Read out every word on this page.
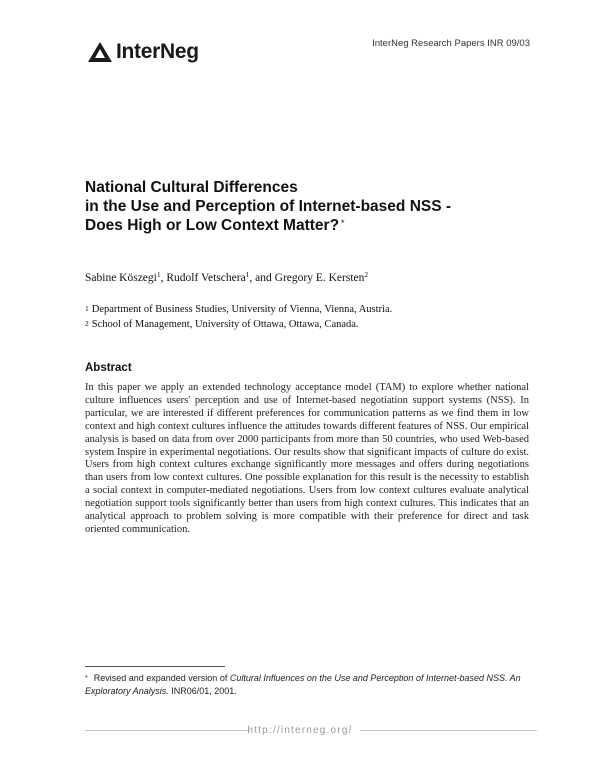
InterNeg	InterNeg Research Papers INR 09/03
National Cultural Differences
in the Use and Perception of Internet-based NSS -
Does High or Low Context Matter? *
Sabine Köszegi$^1$, Rudolf Vetschera$^1$, and Gregory E. Kersten$^2$
$^1$ Department of Business Studies, University of Vienna, Vienna, Austria.
$^2$ School of Management, University of Ottawa, Ottawa, Canada.
Abstract
In this paper we apply an extended technology acceptance model (TAM) to explore whether national culture influences users' perception and use of Internet-based negotiation support systems (NSS). In particular, we are interested if different preferences for communication patterns as we find them in low context and high context cultures influence the attitudes towards different features of NSS. Our empirical analysis is based on data from over 2000 participants from more than 50 countries, who used Web-based system Inspire in experimental negotiations. Our results show that significant impacts of culture do exist. Users from high context cultures exchange significantly more messages and offers during negotiations than users from low context cultures. One possible explanation for this result is the necessity to establish a social context in computer-mediated negotiations. Users from low context cultures evaluate analytical negotiation support tools significantly better than users from high context cultures. This indicates that an analytical approach to problem solving is more compatible with their preference for direct and task oriented communication.
* Revised and expanded version of Cultural Influences on the Use and Perception of Internet-based NSS. An Exploratory Analysis. INR06/01, 2001.
http://interneg.org/
